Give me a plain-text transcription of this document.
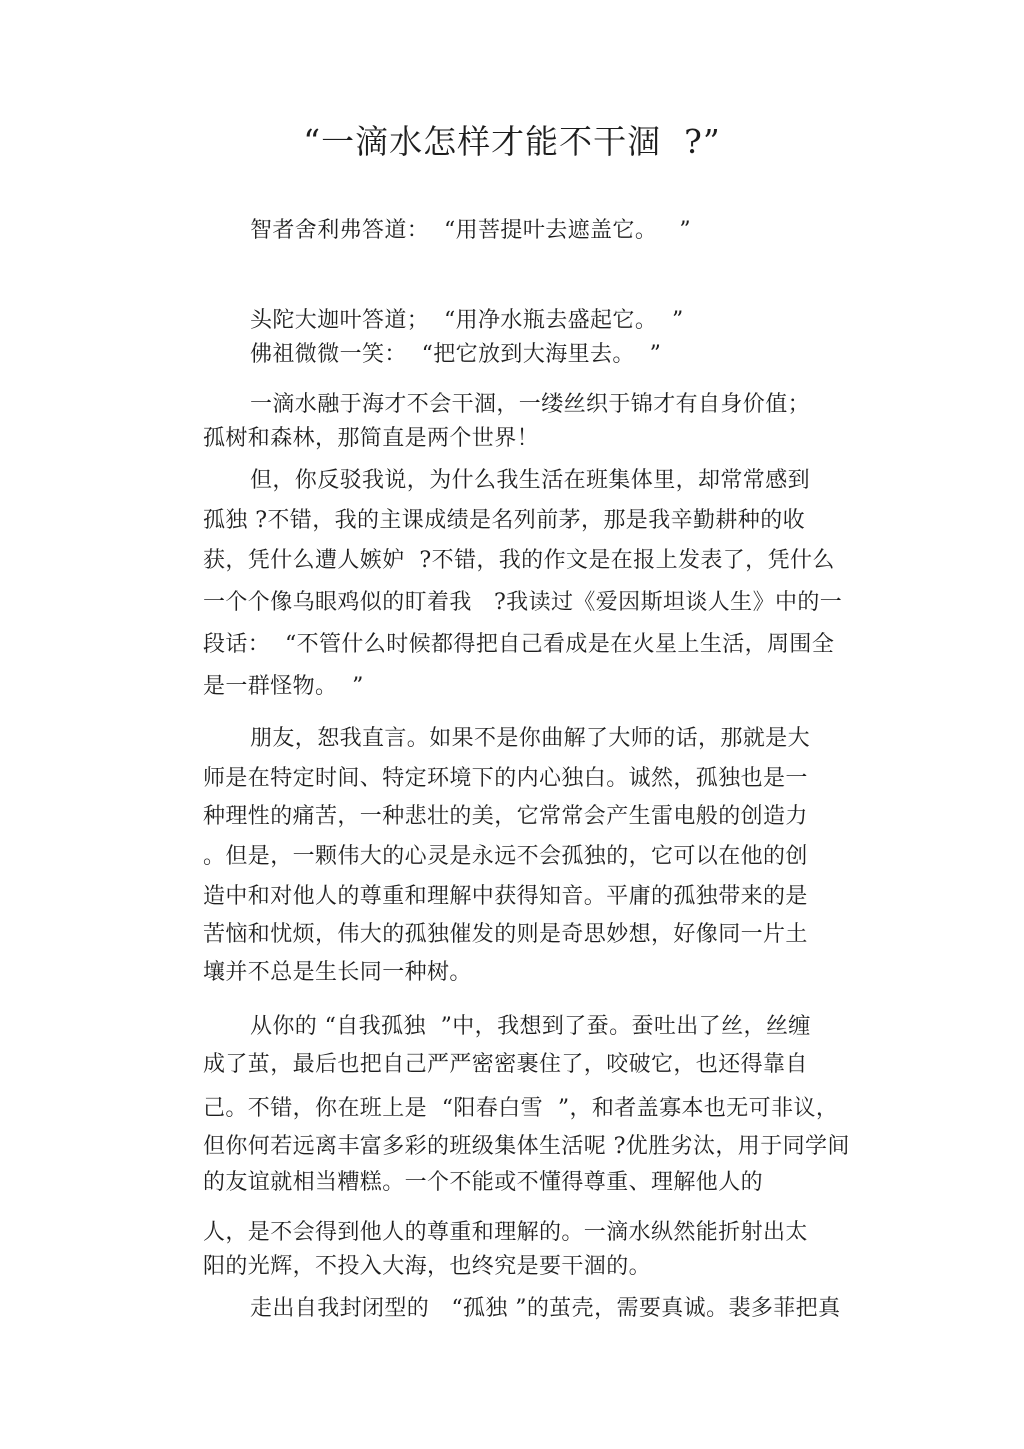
“一滴水怎样才能不干涸  ?”
智者舍利弗答道：  “用菩提叶去遮盖它。   ”
头陀大迦叶答道；  “用净水瓶去盛起它。  ”
佛祖微微一笑：  “把它放到大海里去。  ”
一滴水融于海才不会干涸，一缕丝织于锦才有自身价值；
孤树和森林，那简直是两个世界！
但，你反驳我说，为什么我生活在班集体里，却常常感到
孤独 ?不错，我的主课成绩是名列前茅，那是我辛勤耕种的收
获，凭什么遭人嫉妒  ?不错，我的作文是在报上发表了，凭什么
一个个像乌眼鸡似的盯着我   ?我读过《爱因斯坦谈人生》中的一
段话：  “不管什么时候都得把自己看成是在火星上生活，周围全
是一群怪物。  ”
朋友，恕我直言。如果不是你曲解了大师的话，那就是大
师是在特定时间、特定环境下的内心独白。诚然，孤独也是一
种理性的痛苦，一种悲壮的美，它常常会产生雷电般的创造力
。但是，一颗伟大的心灵是永远不会孤独的，它可以在他的创
造中和对他人的尊重和理解中获得知音。平庸的孤独带来的是
苦恼和忧烦，伟大的孤独催发的则是奇思妙想，好像同一片土
壤并不总是生长同一种树。
从你的 “自我孤独  ”中，我想到了蚕。蚕吐出了丝，丝缠
成了茧，最后也把自己严严密密裹住了，咬破它，也还得靠自
己。不错，你在班上是  “阳春白雪  ”，和者盖寡本也无可非议，
但你何若远离丰富多彩的班级集体生活呢 ?优胜劣汰，用于同学间
的友谊就相当糟糕。一个不能或不懂得尊重、理解他人的
人，是不会得到他人的尊重和理解的。一滴水纵然能折射出太
阳的光辉，不投入大海，也终究是要干涸的。
走出自我封闭型的   “孤独 ”的茧壳，需要真诚。裴多菲把真
